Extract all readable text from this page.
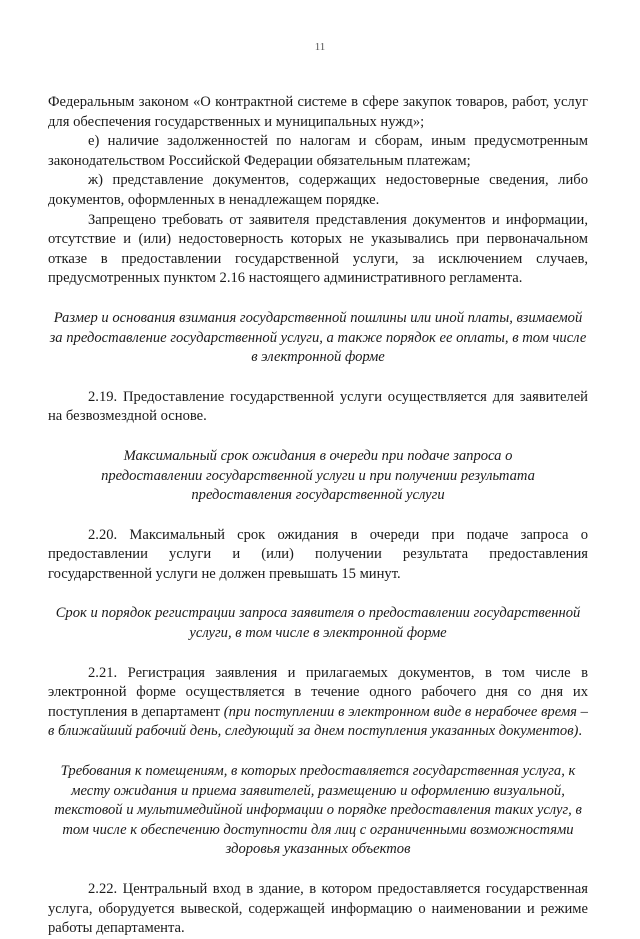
11

Федеральным законом «О контрактной системе в сфере закупок товаров, работ, услуг для обеспечения государственных и муниципальных нужд»;

е) наличие задолженностей по налогам и сборам, иным предусмотренным законодательством Российской Федерации обязательным платежам;

ж) представление документов, содержащих недостоверные сведения, либо документов, оформленных в ненадлежащем порядке.

Запрещено требовать от заявителя представления документов и информации, отсутствие и (или) недостоверность которых не указывались при первоначальном отказе в предоставлении государственной услуги, за исключением случаев, предусмотренных пунктом 2.16 настоящего административного регламента.

Размер и основания взимания государственной пошлины или иной платы, взимаемой за предоставление государственной услуги, а также порядок ее оплаты, в том числе в электронной форме

2.19. Предоставление государственной услуги осуществляется для заявителей на безвозмездной основе.

Максимальный срок ожидания в очереди при подаче запроса о предоставлении государственной услуги и при получении результата предоставления государственной услуги

2.20. Максимальный срок ожидания в очереди при подаче запроса о предоставлении услуги и (или) получении результата предоставления государственной услуги не должен превышать 15 минут.

Срок и порядок регистрации запроса заявителя о предоставлении государственной услуги, в том числе в электронной форме

2.21. Регистрация заявления и прилагаемых документов, в том числе в электронной форме осуществляется в течение одного рабочего дня со дня их поступления в департамент (при поступлении в электронном виде в нерабочее время – в ближайший рабочий день, следующий за днем поступления указанных документов).

Требования к помещениям, в которых предоставляется государственная услуга, к месту ожидания и приема заявителей, размещению и оформлению визуальной, текстовой и мультимедийной информации о порядке предоставления таких услуг, в том числе к обеспечению доступности для лиц с ограниченными возможностями здоровья указанных объектов

2.22. Центральный вход в здание, в котором предоставляется государственная услуга, оборудуется вывеской, содержащей информацию о наименовании и режиме работы департамента.
